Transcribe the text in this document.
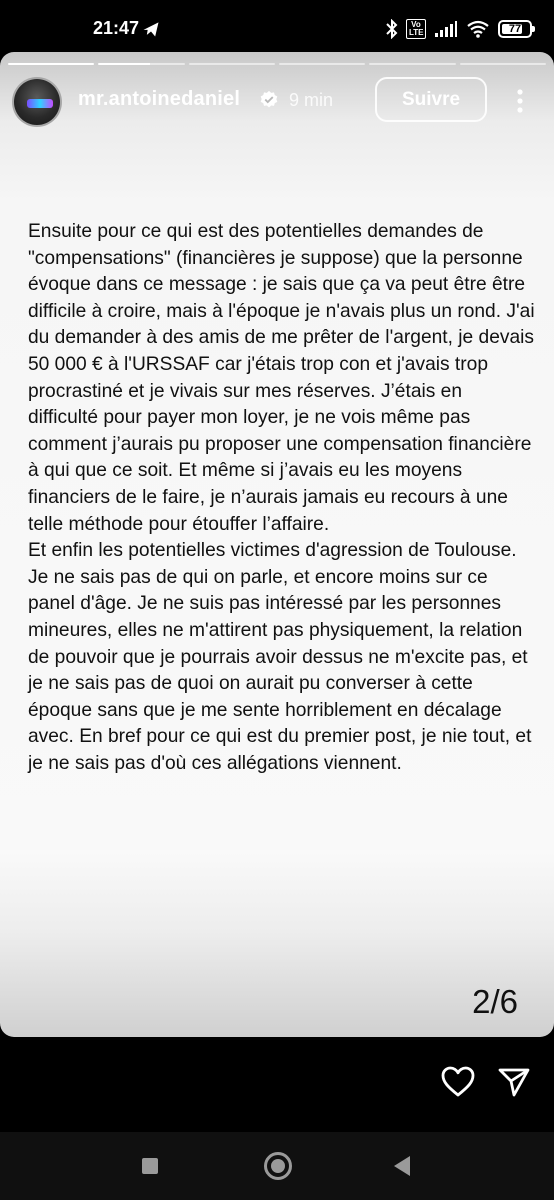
21:47	Vo LTE	77
mr.antoinedaniel	9 min	Suivre

Ensuite pour ce qui est des potentielles demandes de "compensations" (financières je suppose) que la personne évoque dans ce message : je sais que ça va peut être être difficile à croire, mais à l'époque je n'avais plus un rond. J'ai du demander à des amis de me prêter de l'argent, je devais 50 000 € à l'URSSAF car j'étais trop con et j'avais trop procrastiné et je vivais sur mes réserves. J’étais en difficulté pour payer mon loyer, je ne vois même pas comment j’aurais pu proposer une compensation financière à qui que ce soit. Et même si j’avais eu les moyens financiers de le faire, je n’aurais jamais eu recours à une telle méthode pour étouffer l’affaire.

Et enfin les potentielles victimes d'agression de Toulouse. Je ne sais pas de qui on parle, et encore moins sur ce panel d'âge. Je ne suis pas intéressé par les personnes mineures, elles ne m'attirent pas physiquement, la relation de pouvoir que je pourrais avoir dessus ne m'excite pas, et je ne sais pas de quoi on aurait pu converser à cette époque sans que je me sente horriblement en décalage avec. En bref pour ce qui est du premier post, je nie tout, et je ne sais pas d'où ces allégations viennent.

2/6
